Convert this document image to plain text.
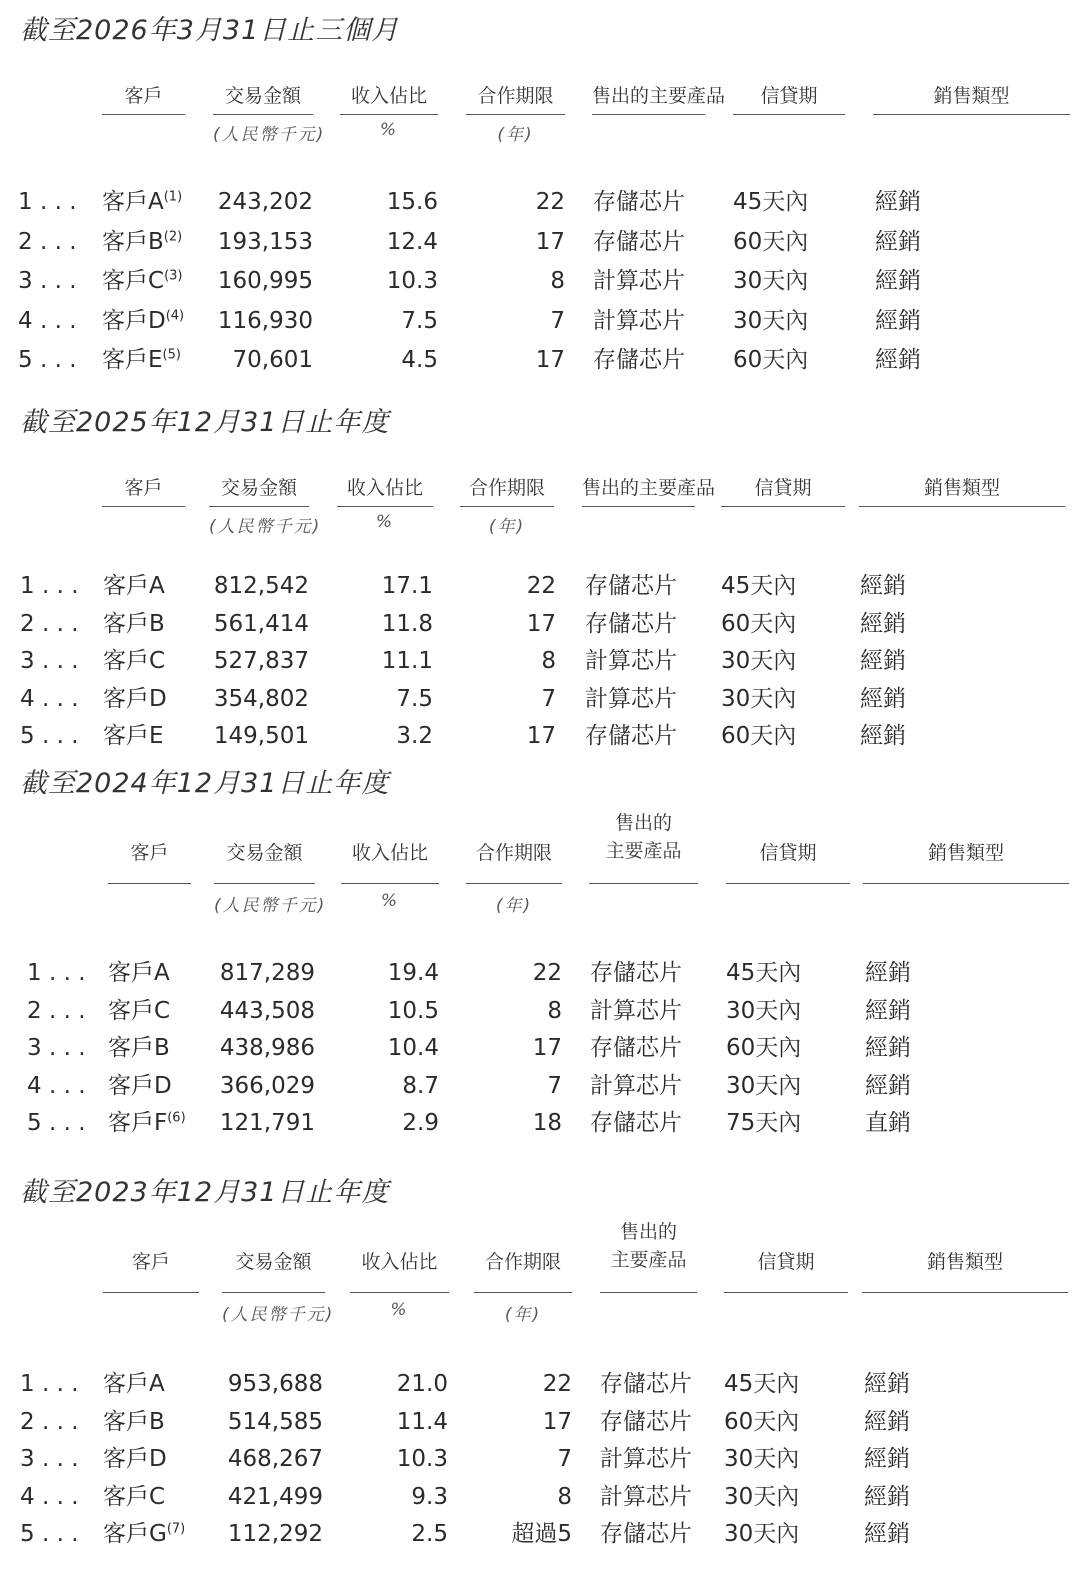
截至2026年3月31日止三個月
客戶	交易金額	收入佔比	合作期限	售出的主要產品	信貸期	銷售類型
(人民幣千元)	%	(年)
1 . . . 客戶A$^{(1)}$	243,202	15.6	22 存儲芯片 45天內	經銷
2 . . . 客戶B$^{(2)}$	193,153	12.4	17 存儲芯片 60天內	經銷
3 . . . 客戶C$^{(3)}$	160,995	10.3	8 計算芯片 30天內	經銷
4 . . . 客戶D$^{(4)}$	116,930	7.5	7 計算芯片 30天內	經銷
5 . . . 客戶E$^{(5)}$	70,601	4.5	17 存儲芯片 60天內	經銷
截至2025年12月31日止年度
客戶	交易金額	收入佔比	合作期限	售出的主要產品	信貸期	銷售類型
(人民幣千元)	%	(年)
1 . . . 客戶A	812,542	17.1	22 存儲芯片 45天內	經銷
2 . . . 客戶B	561,414	11.8	17 存儲芯片 60天內	經銷
3 . . . 客戶C	527,837	11.1	8 計算芯片 30天內	經銷
4 . . . 客戶D	354,802	7.5	7 計算芯片 30天內	經銷
5 . . . 客戶E	149,501	3.2	17 存儲芯片 60天內	經銷
截至2024年12月31日止年度
客戶	交易金額	收入佔比	合作期限
售出的
主要產品	信貸期	銷售類型
(人民幣千元)	%	(年)
1 . . . 客戶A	817,289	19.4	22 存儲芯片 45天內	經銷
2 . . . 客戶C	443,508	10.5	8 計算芯片 30天內	經銷
3 . . . 客戶B	438,986	10.4	17 存儲芯片 60天內	經銷
4 . . . 客戶D	366,029	8.7	7 計算芯片 30天內	經銷
5 . . . 客戶F$^{(6)}$	121,791	2.9	18 存儲芯片 75天內	直銷
截至2023年12月31日止年度
客戶	交易金額	收入佔比	合作期限
售出的
主要產品	信貸期	銷售類型
(人民幣千元)	%	(年)
1 . . . 客戶A	953,688	21.0	22 存儲芯片 45天內	經銷
2 . . . 客戶B	514,585	11.4	17 存儲芯片 60天內	經銷
3 . . . 客戶D	468,267	10.3	7 計算芯片 30天內	經銷
4 . . . 客戶C	421,499	9.3	8 計算芯片 30天內	經銷
5 . . . 客戶G$^{(7)}$	112,292	2.5	超過5 存儲芯片 30天內	經銷
